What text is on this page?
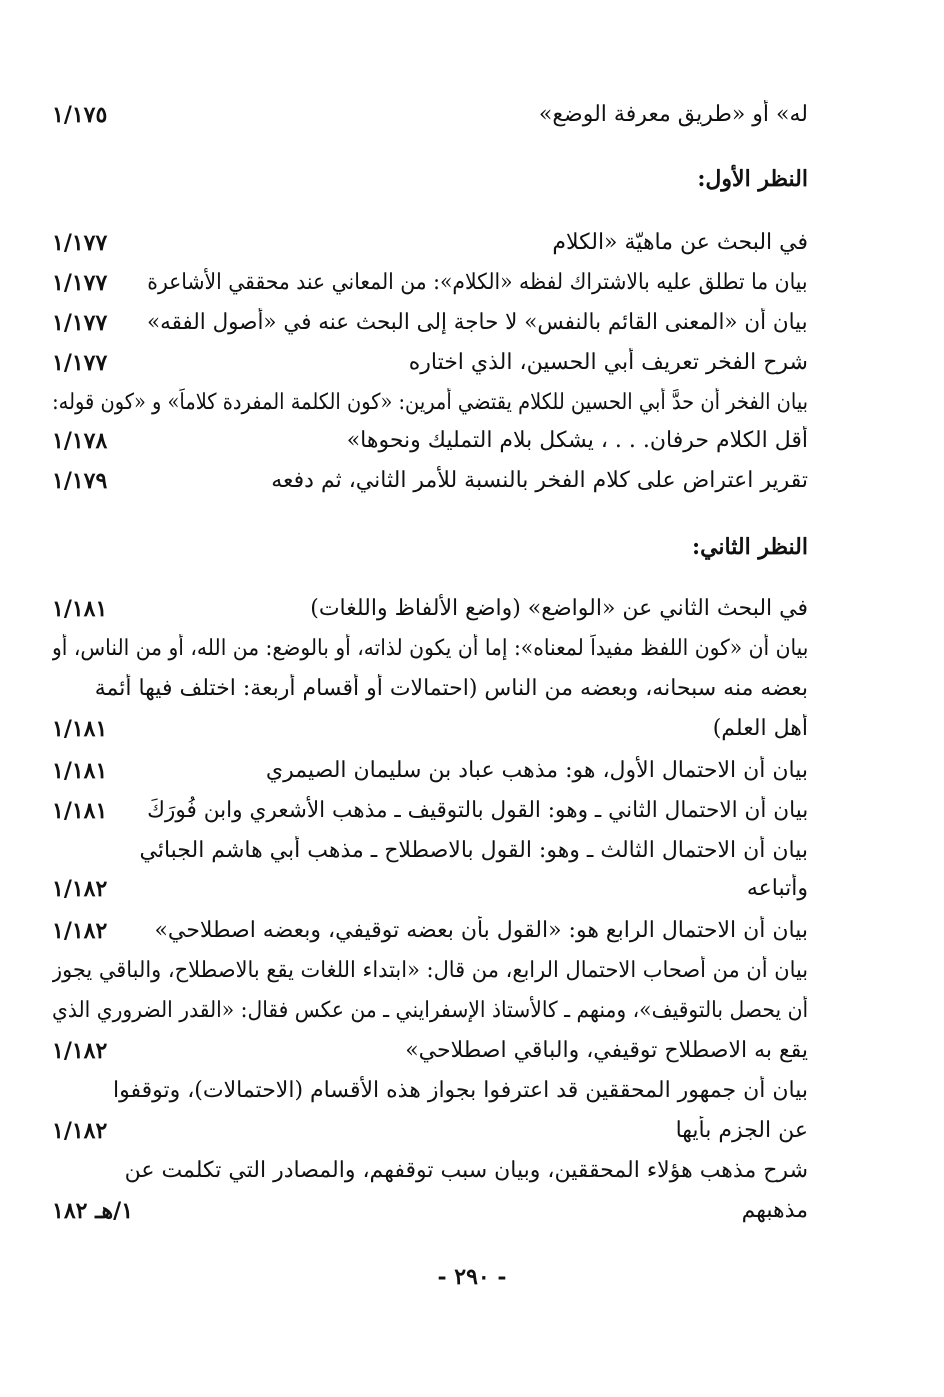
له» أو «طريق معرفة الوضع»
١/١٧٥
النظر الأول:
في البحث عن ماهيّة «الكلام
١/١٧٧
بيان ما تطلق عليه بالاشتراك لفظه «الكلام»: من المعاني عند محققي الأشاعرة
١/١٧٧
بيان أن «المعنى القائم بالنفس» لا حاجة إلى البحث عنه في «أصول الفقه»
١/١٧٧
شرح الفخر تعريف أبي الحسين، الذي اختاره
١/١٧٧
بيان الفخر أن حدَّ أبي الحسين للكلام يقتضي أمرين: «كون الكلمة المفردة كلاماً» و «كون قوله:
أقل الكلام حرفان. . . ، يشكل بلام التمليك ونحوها»
١/١٧٨
تقرير اعتراض على كلام الفخر بالنسبة للأمر الثاني، ثم دفعه
١/١٧٩
النظر الثاني:
في البحث الثاني عن «الواضع» (واضع الألفاظ واللغات)
١/١٨١
بيان أن «كون اللفظ مفيداً لمعناه»: إما أن يكون لذاته، أو بالوضع: من الله، أو من الناس، أو
بعضه منه سبحانه، وبعضه من الناس (احتمالات أو أقسام أربعة: اختلف فيها أئمة
أهل العلم)
١/١٨١
بيان أن الاحتمال الأول، هو: مذهب عباد بن سليمان الصيمري
١/١٨١
بيان أن الاحتمال الثاني ـ وهو: القول بالتوقيف ـ مذهب الأشعري وابن فُورَكَ
١/١٨١
بيان أن الاحتمال الثالث ـ وهو: القول بالاصطلاح ـ مذهب أبي هاشم الجبائي
وأتباعه
١/١٨٢
بيان أن الاحتمال الرابع هو: «القول بأن بعضه توقيفي، وبعضه اصطلاحي»
١/١٨٢
بيان أن من أصحاب الاحتمال الرابع، من قال: «ابتداء اللغات يقع بالاصطلاح، والباقي يجوز
أن يحصل بالتوقيف»، ومنهم ـ كالأستاذ الإسفرايني ـ من عكس فقال: «القدر الضروري الذي
يقع به الاصطلاح توقيفي، والباقي اصطلاحي»
١/١٨٢
بيان أن جمهور المحققين قد اعترفوا بجواز هذه الأقسام (الاحتمالات)، وتوقفوا
عن الجزم بأيها
١/١٨٢
شرح مذهب هؤلاء المحققين، وبيان سبب توقفهم، والمصادر التي تكلمت عن
مذهبهم
١/هـ ١٨٢
- ٢٩٠ -
